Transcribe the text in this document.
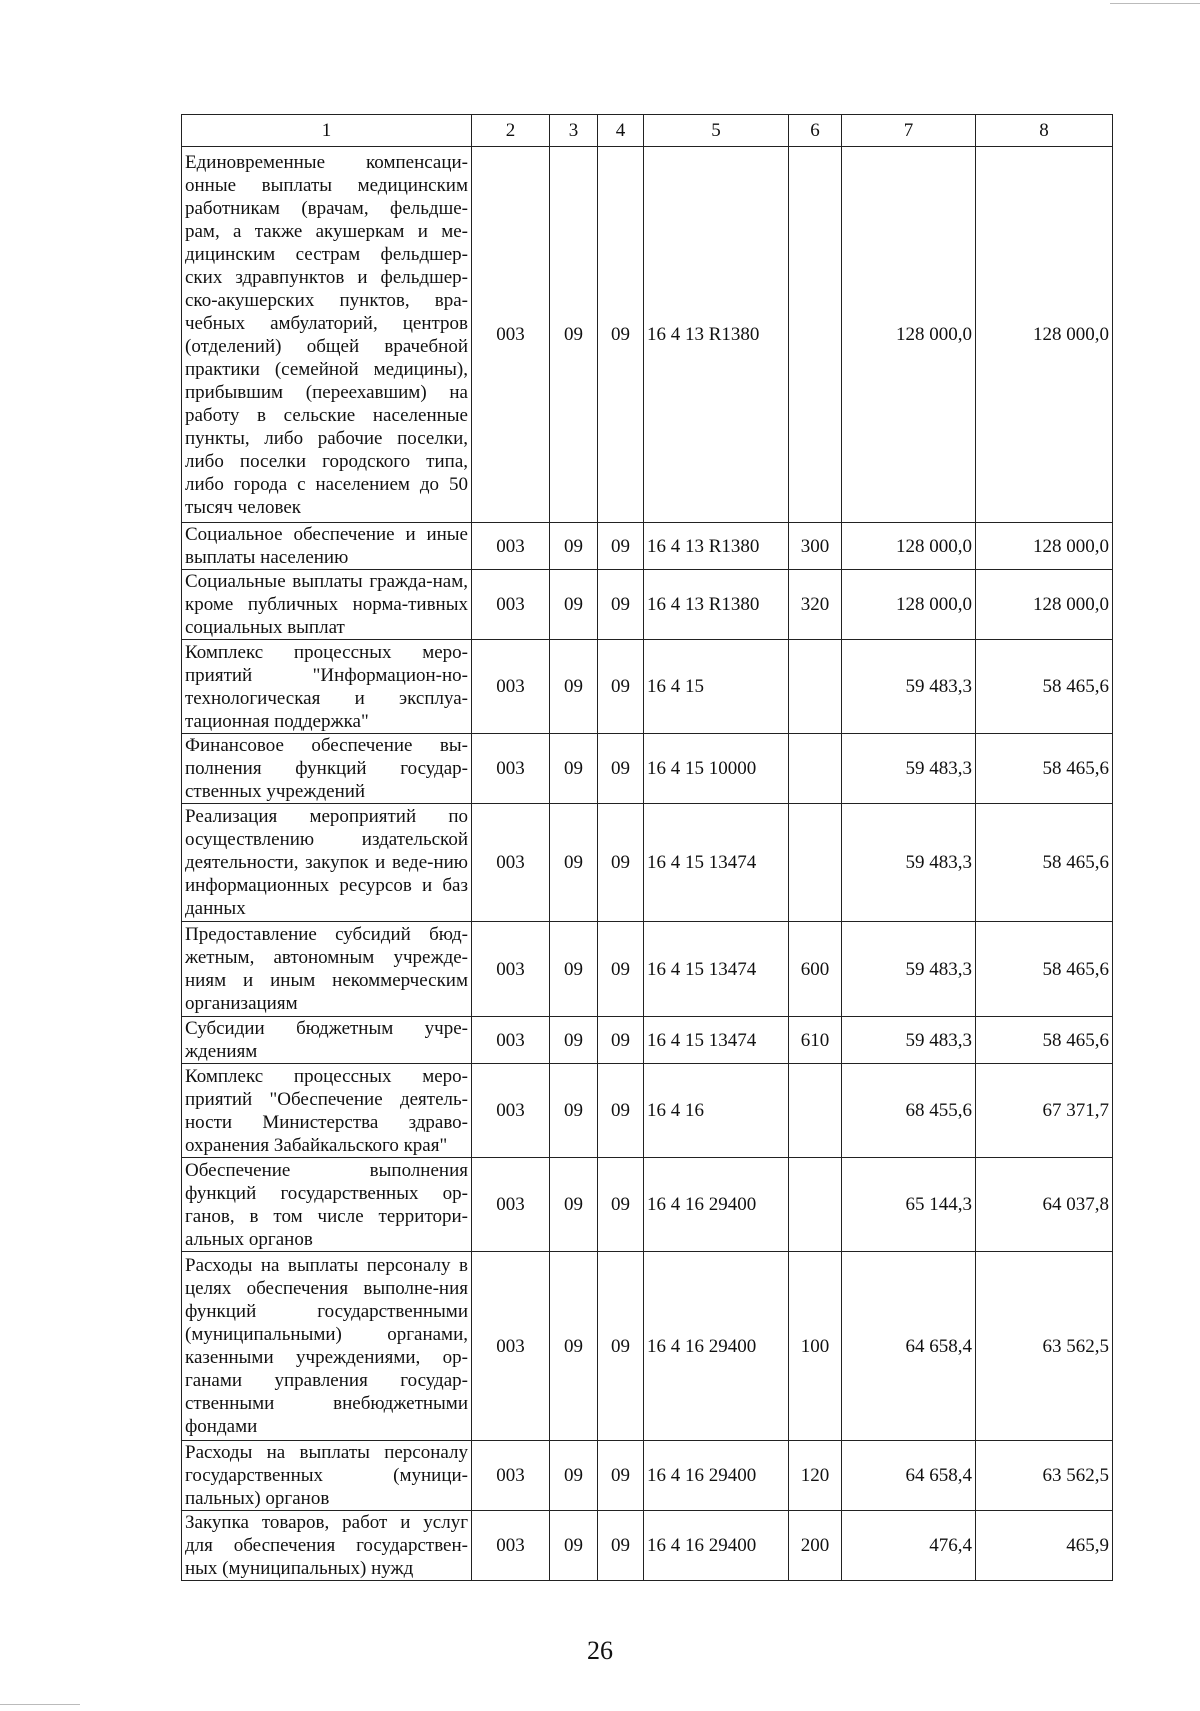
1	2	3	4	5	6	7	8
Единовременные компенсаци-онные выплаты медицинским работникам (врачам, фельдше-рам, а также акушеркам и ме-дицинским сестрам фельдшер-ских здравпунктов и фельдшер-ско-акушерских пунктов, вра-чебных амбулаторий, центров (отделений) общей врачебной практики (семейной медицины), прибывшим (переехавшим) на работу в сельские населенные пункты, либо рабочие поселки, либо поселки городского типа, либо города с населением до 50 тысяч человек	003	09	09	16 4 13 R1380		128 000,0	128 000,0
Социальное обеспечение и иные выплаты населению	003	09	09	16 4 13 R1380	300	128 000,0	128 000,0
Социальные выплаты гражда-нам, кроме публичных норма-тивных социальных выплат	003	09	09	16 4 13 R1380	320	128 000,0	128 000,0
Комплекс процессных меро-приятий "Информацион-но-технологическая и эксплуа-тационная поддержка"	003	09	09	16 4 15		59 483,3	58 465,6
Финансовое обеспечение вы-полнения функций государ-ственных учреждений	003	09	09	16 4 15 10000		59 483,3	58 465,6
Реализация мероприятий по осуществлению издательской деятельности, закупок и веде-нию информационных ресурсов и баз данных	003	09	09	16 4 15 13474		59 483,3	58 465,6
Предоставление субсидий бюд-жетным, автономным учрежде-ниям и иным некоммерческим организациям	003	09	09	16 4 15 13474	600	59 483,3	58 465,6
Субсидии бюджетным учре-ждениям	003	09	09	16 4 15 13474	610	59 483,3	58 465,6
Комплекс процессных меро-приятий "Обеспечение деятель-ности Министерства здраво-охранения Забайкальского края"	003	09	09	16 4 16		68 455,6	67 371,7
Обеспечение выполнения функций государственных ор-ганов, в том числе территори-альных органов	003	09	09	16 4 16 29400		65 144,3	64 037,8
Расходы на выплаты персоналу в целях обеспечения выполне-ния функций государственными (муниципальными) органами, казенными учреждениями, ор-ганами управления государ-ственными внебюджетными фондами	003	09	09	16 4 16 29400	100	64 658,4	63 562,5
Расходы на выплаты персоналу государственных (муници-пальных) органов	003	09	09	16 4 16 29400	120	64 658,4	63 562,5
Закупка товаров, работ и услуг для обеспечения государствен-ных (муниципальных) нужд	003	09	09	16 4 16 29400	200	476,4	465,9
26
